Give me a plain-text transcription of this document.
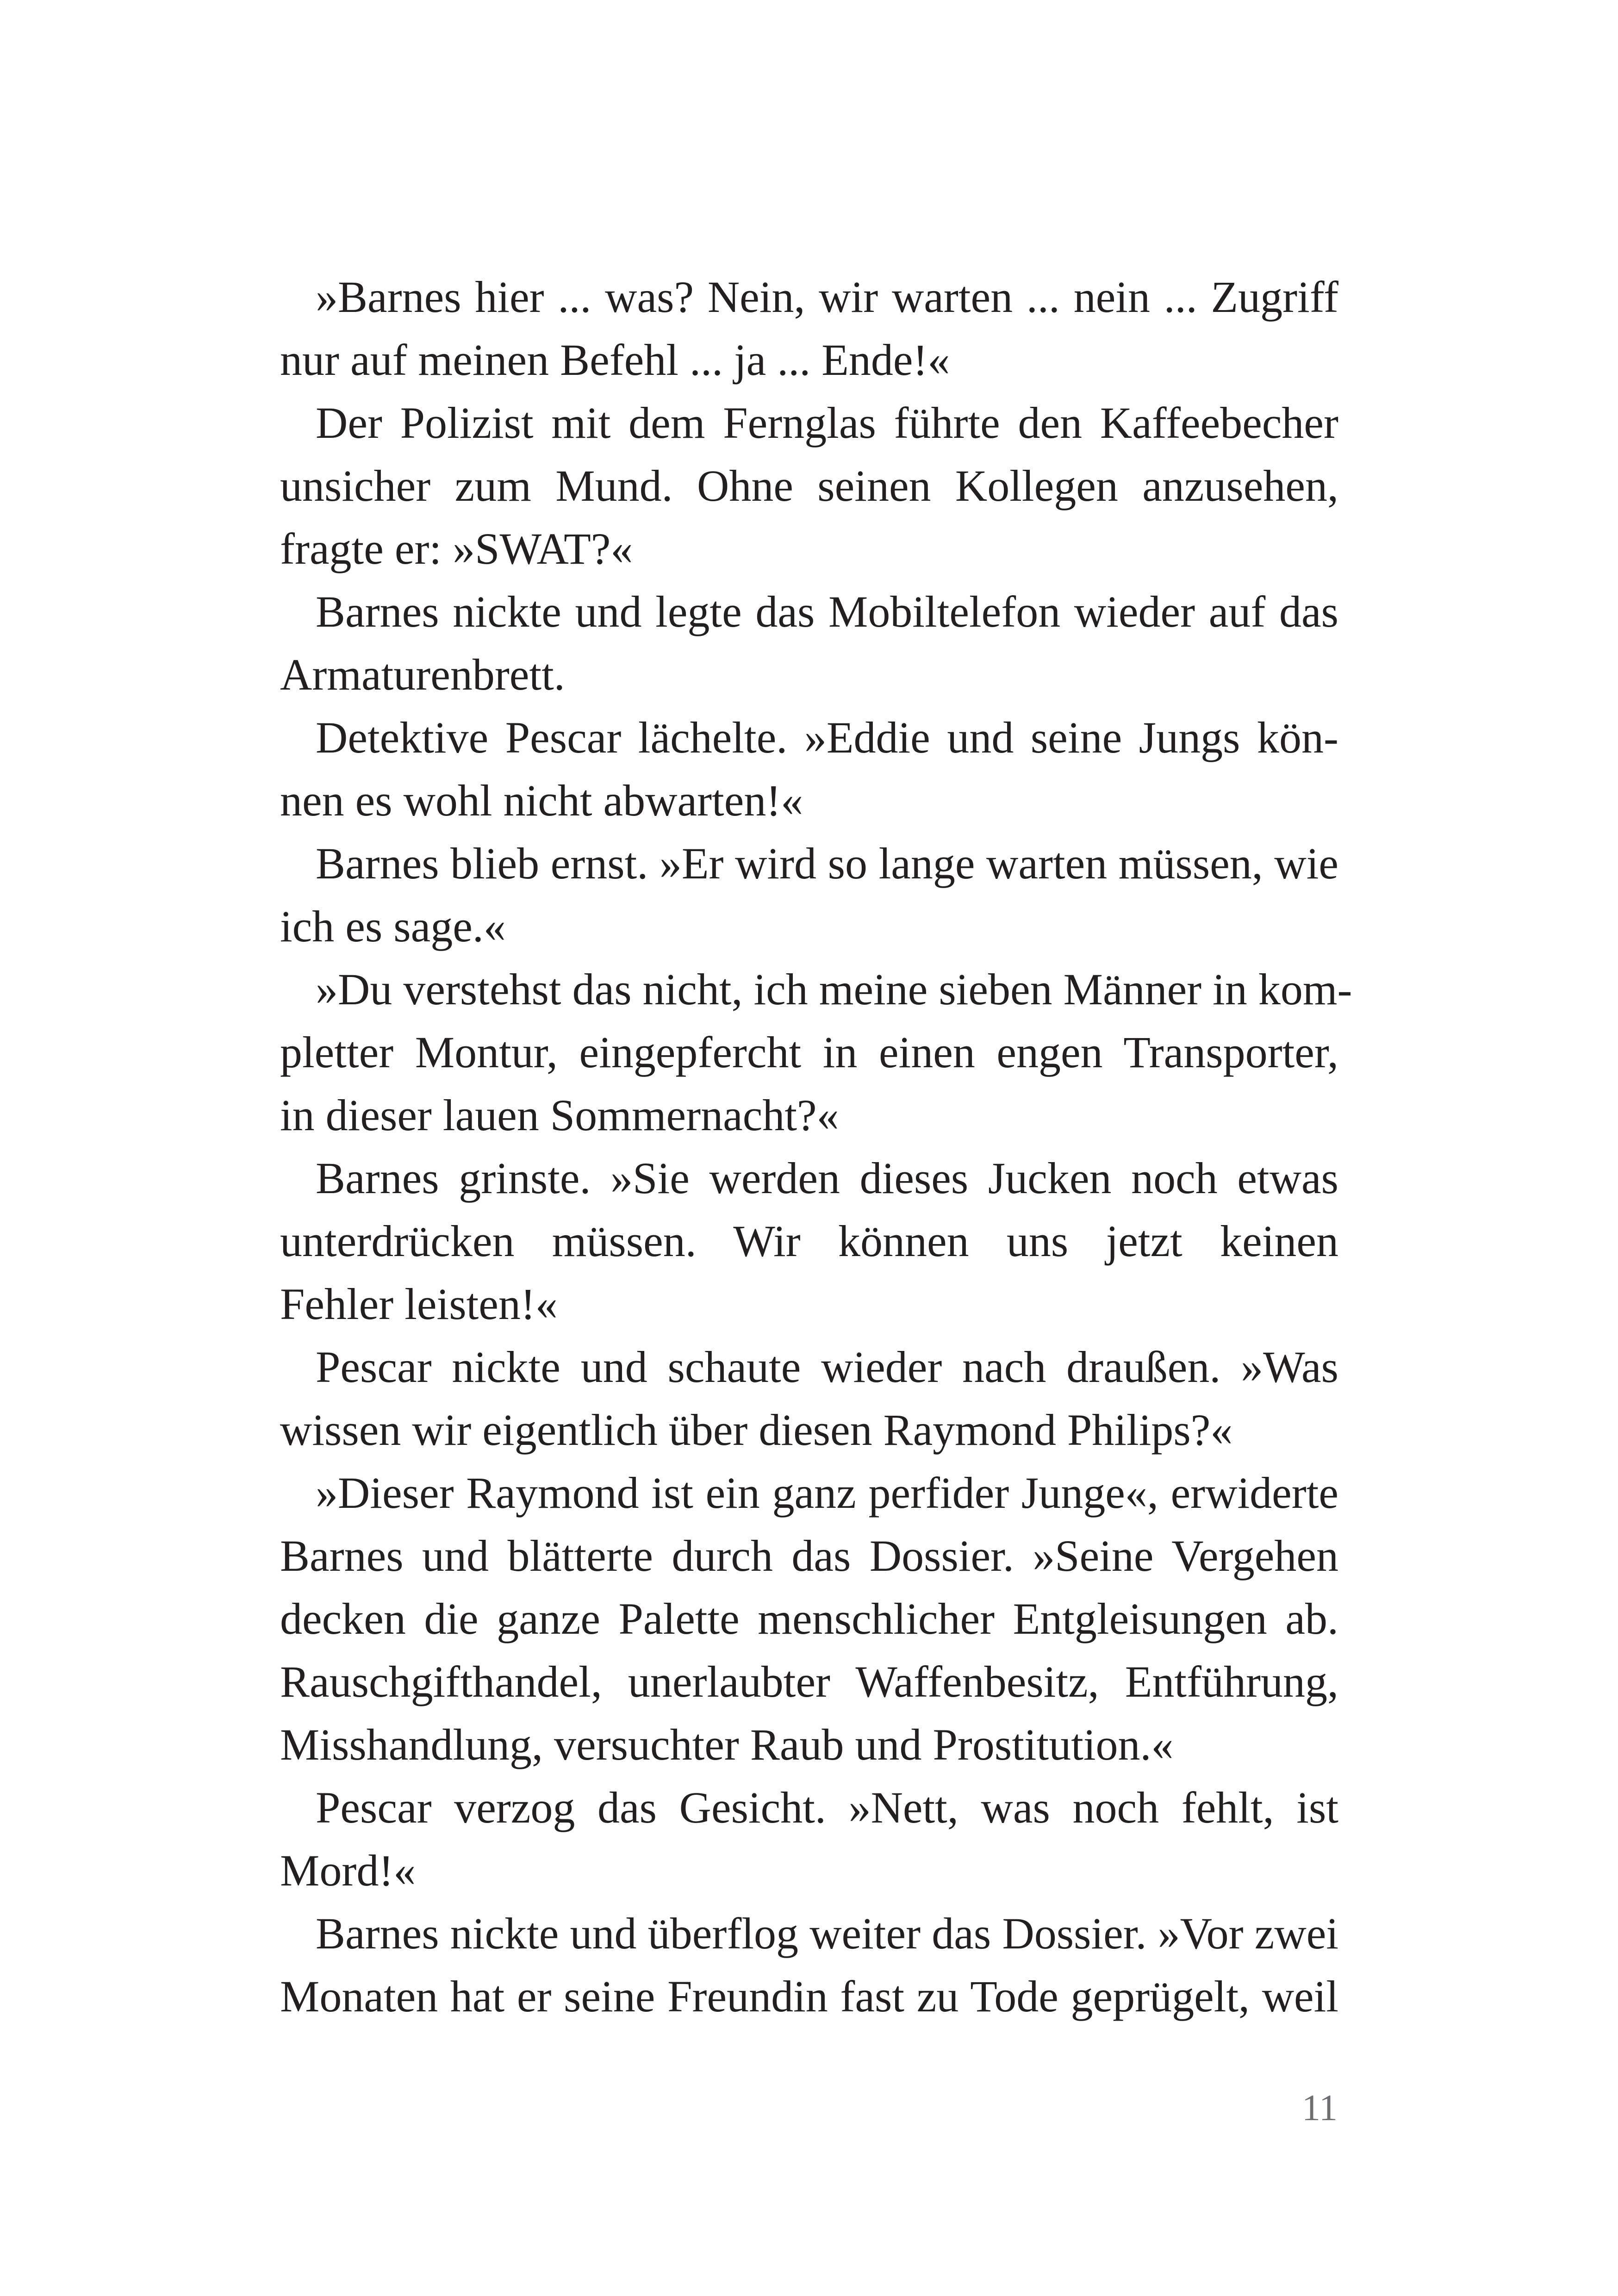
»Barnes hier ... was? Nein, wir warten ... nein ... Zugriff
nur auf meinen Befehl ... ja ... Ende!«
Der Polizist mit dem Fernglas führte den Kaffeebecher
unsicher zum Mund. Ohne seinen Kollegen anzusehen,
fragte er: »SWAT?«
Barnes nickte und legte das Mobiltelefon wieder auf das
Armaturenbrett.
Detektive Pescar lächelte. »Eddie und seine Jungs kön-
nen es wohl nicht abwarten!«
Barnes blieb ernst. »Er wird so lange warten müssen, wie
ich es sage.«
»Du verstehst das nicht, ich meine sieben Männer in kom-
pletter Montur, eingepfercht in einen engen Transporter,
in dieser lauen Sommernacht?«
Barnes grinste. »Sie werden dieses Jucken noch etwas
unterdrücken müssen. Wir können uns jetzt keinen
Fehler leisten!«
Pescar nickte und schaute wieder nach draußen. »Was
wissen wir eigentlich über diesen Raymond Philips?«
»Dieser Raymond ist ein ganz perfider Junge«, erwiderte
Barnes und blätterte durch das Dossier. »Seine Vergehen
decken die ganze Palette menschlicher Entgleisungen ab.
Rauschgifthandel, unerlaubter Waffenbesitz, Entführung,
Misshandlung, versuchter Raub und Prostitution.«
Pescar verzog das Gesicht. »Nett, was noch fehlt, ist
Mord!«
Barnes nickte und überflog weiter das Dossier. »Vor zwei
Monaten hat er seine Freundin fast zu Tode geprügelt, weil
11
